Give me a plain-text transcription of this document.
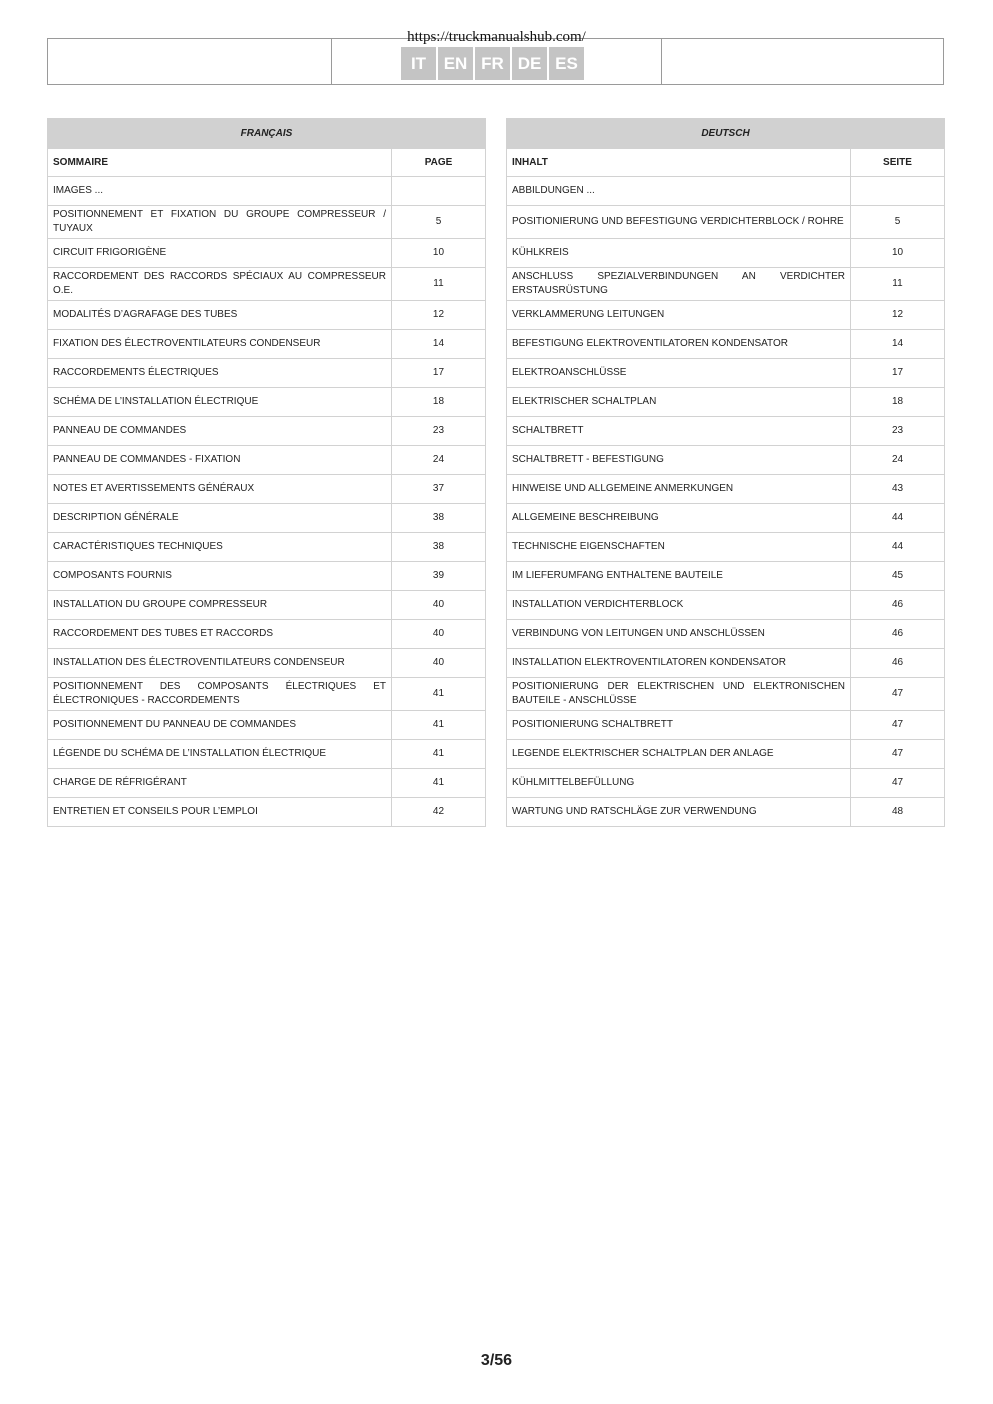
https://truckmanualshub.com/
IT	EN FR DE ES
FRANÇAIS	
SOMMAIRE	PAGE
IMAGES ...	
POSITIONNEMENT ET FIXATION DU GROUPE COMPRESSEUR / TUYAUX	5
CIRCUIT FRIGORIGÈNE	10
RACCORDEMENT DES RACCORDS SPÉCIAUX AU COMPRESSEUR O.E.	11
MODALITÉS D’AGRAFAGE DES TUBES	12
FIXATION DES ÉLECTROVENTILATEURS CONDENSEUR	14
RACCORDEMENTS ÉLECTRIQUES	17
SCHÉMA DE L’INSTALLATION ÉLECTRIQUE	18
PANNEAU DE COMMANDES	23
PANNEAU DE COMMANDES - FIXATION	24
NOTES ET AVERTISSEMENTS GÉNÉRAUX	37
DESCRIPTION GÉNÉRALE	38
CARACTÉRISTIQUES TECHNIQUES	38
COMPOSANTS FOURNIS	39
INSTALLATION DU GROUPE COMPRESSEUR	40
RACCORDEMENT DES TUBES ET RACCORDS	40
INSTALLATION DES ÉLECTROVENTILATEURS CONDENSEUR	40
POSITIONNEMENT DES COMPOSANTS ÉLECTRIQUES ET ÉLECTRONIQUES - RACCORDEMENTS	41
POSITIONNEMENT DU PANNEAU DE COMMANDES	41
LÉGENDE DU SCHÉMA DE L’INSTALLATION ÉLECTRIQUE	41
CHARGE DE RÉFRIGÉRANT	41
ENTRETIEN ET CONSEILS POUR L’EMPLOI	42
DEUTSCH	
INHALT	SEITE
ABBILDUNGEN ...	
POSITIONIERUNG UND BEFESTIGUNG VERDICHTERBLOCK / ROHRE	5
KÜHLKREIS	10
ANSCHLUSS SPEZIALVERBINDUNGEN AN VERDICHTER ERSTAUSRÜSTUNG	11
VERKLAMMERUNG LEITUNGEN	12
BEFESTIGUNG ELEKTROVENTILATOREN KONDENSATOR	14
ELEKTROANSCHLÜSSE	17
ELEKTRISCHER SCHALTPLAN	18
SCHALTBRETT	23
SCHALTBRETT - BEFESTIGUNG	24
HINWEISE UND ALLGEMEINE ANMERKUNGEN	43
ALLGEMEINE BESCHREIBUNG	44
TECHNISCHE EIGENSCHAFTEN	44
IM LIEFERUMFANG ENTHALTENE BAUTEILE	45
INSTALLATION VERDICHTERBLOCK	46
VERBINDUNG VON LEITUNGEN UND ANSCHLÜSSEN	46
INSTALLATION ELEKTROVENTILATOREN KONDENSATOR	46
POSITIONIERUNG DER ELEKTRISCHEN UND ELEKTRONISCHEN BAUTEILE - ANSCHLÜSSE	47
POSITIONIERUNG SCHALTBRETT	47
LEGENDE ELEKTRISCHER SCHALTPLAN DER ANLAGE	47
KÜHLMITTELBEFÜLLUNG	47
WARTUNG UND RATSCHLÄGE ZUR VERWENDUNG	48
3/56
